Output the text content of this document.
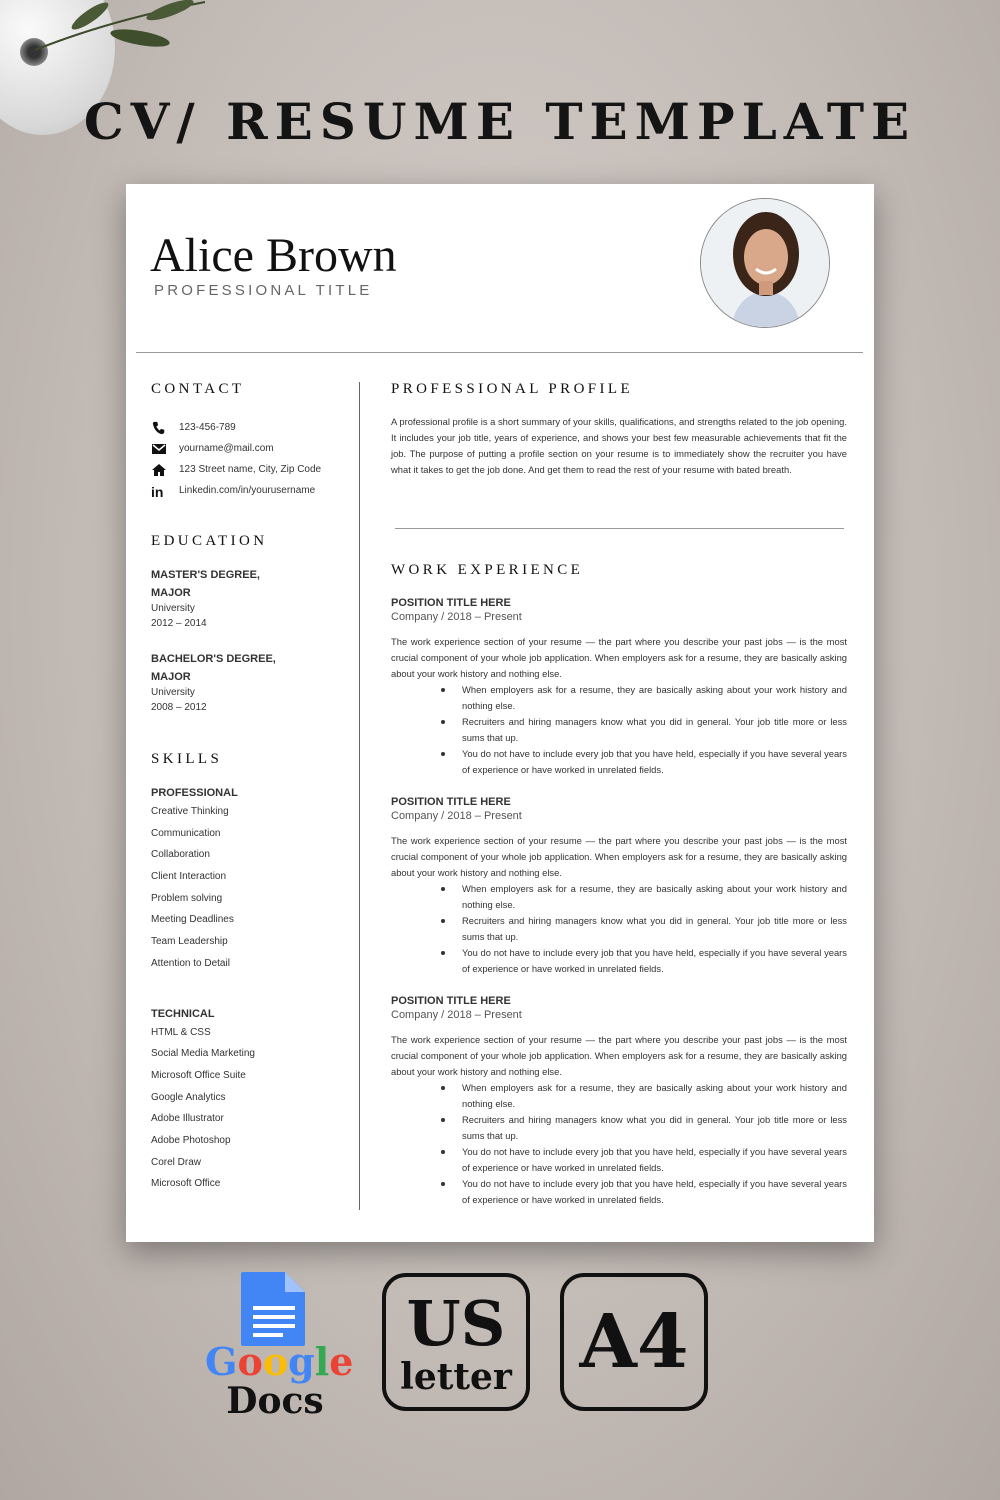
CV/ RESUME TEMPLATE
Alice Brown
PROFESSIONAL TITLE
CONTACT
123-456-789
yourname@mail.com
123 Street name, City, Zip Code
in Linkedin.com/in/yourusername
EDUCATION
MASTER'S DEGREE,
MAJOR
University
2012 – 2014
BACHELOR'S DEGREE,
MAJOR
University
2008 – 2012
SKILLS
PROFESSIONAL
Creative Thinking
Communication
Collaboration
Client Interaction
Problem solving
Meeting Deadlines
Team Leadership
Attention to Detail
TECHNICAL
HTML & CSS
Social Media Marketing
Microsoft Office Suite
Google Analytics
Adobe Illustrator
Adobe Photoshop
Corel Draw
Microsoft Office
PROFESSIONAL PROFILE
A professional profile is a short summary of your skills, qualifications, and strengths related to the job opening. It includes your job title, years of experience, and shows your best few measurable achievements that fit the job. The purpose of putting a profile section on your resume is to immediately show the recruiter you have what it takes to get the job done. And get them to read the rest of your resume with bated breath.
WORK EXPERIENCE
POSITION TITLE HERE
Company / 2018 – Present
The work experience section of your resume — the part where you describe your past jobs — is the most crucial component of your whole job application. When employers ask for a resume, they are basically asking about your work history and nothing else.
When employers ask for a resume, they are basically asking about your work history and nothing else.
Recruiters and hiring managers know what you did in general. Your job title more or less sums that up.
You do not have to include every job that you have held, especially if you have several years of experience or have worked in unrelated fields.
POSITION TITLE HERE
Company / 2018 – Present
The work experience section of your resume — the part where you describe your past jobs — is the most crucial component of your whole job application. When employers ask for a resume, they are basically asking about your work history and nothing else.
When employers ask for a resume, they are basically asking about your work history and nothing else.
Recruiters and hiring managers know what you did in general. Your job title more or less sums that up.
You do not have to include every job that you have held, especially if you have several years of experience or have worked in unrelated fields.
POSITION TITLE HERE
Company / 2018 – Present
The work experience section of your resume — the part where you describe your past jobs — is the most crucial component of your whole job application. When employers ask for a resume, they are basically asking about your work history and nothing else.
When employers ask for a resume, they are basically asking about your work history and nothing else.
Recruiters and hiring managers know what you did in general. Your job title more or less sums that up.
You do not have to include every job that you have held, especially if you have several years of experience or have worked in unrelated fields.
You do not have to include every job that you have held, especially if you have several years of experience or have worked in unrelated fields.
Google
Docs
US
letter A4
